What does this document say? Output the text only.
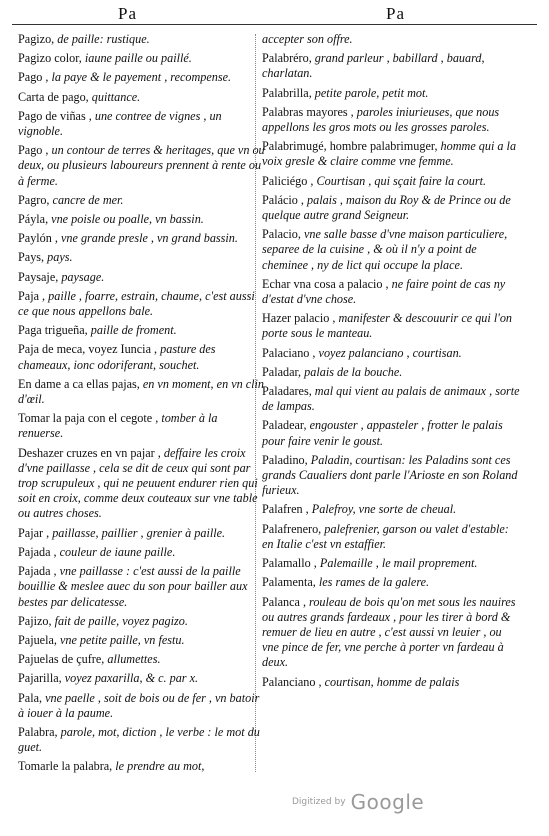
Pa	Pa
Pagizo, de paille: rustique.
Pagizo color, iaune paille ou paillé.
Pago , la paye & le payement , recompense.
Carta de pago, quittance.
Pago de viñas , une contree de vignes , un vignoble.
Pago , un contour de terres & heritages, que vn ou deux, ou plusieurs laboureurs prennent à rente ou à ferme.
Pagro, cancre de mer.
Páyla, vne poisle ou poalle, vn bassin.
Paylón , vne grande presle , vn grand bassin.
Pays, pays.
Paysaje, paysage.
Paja , paille , foarre, estrain, chaume, c'est aussi ce que nous appellons bale.
Paga trigueña, paille de froment.
Paja de meca, voyez Iuncia , pasture des chameaux, ionc odoriferant, souchet.
En dame a ca ellas pajas, en vn moment, en vn clin d'œil.
Tomar la paja con el cegote , tomber à la renuerse.
Deshazer cruzes en vn pajar , deffaire les croix d'vne paillasse , cela se dit de ceux qui sont par trop scrupuleux , qui ne peuuent endurer rien qui soit en croix, comme deux couteaux sur vne table ou autres choses.
Pajar , paillasse, paillier , grenier à paille.
Pajada , couleur de iaune paille.
Pajada , vne paillasse : c'est aussi de la paille bouillie & meslee auec du son pour bailler aux bestes par delicatesse.
Pajizo, fait de paille, voyez pagizo.
Pajuela, vne petite paille, vn festu.
Pajuelas de çufre, allumettes.
Pajarilla, voyez paxarilla, & c. par x.
Pala, vne paelle , soit de bois ou de fer , vn batoir à iouer à la paume.
Palabra, parole, mot, diction , le verbe : le mot du guet.
Tomarle la palabra, le prendre au mot,
accepter son offre.
Palabréro, grand parleur , babillard , bauard, charlatan.
Palabrilla, petite parole, petit mot.
Palabras mayores , paroles iniurieuses, que nous appellons les gros mots ou les grosses paroles.
Palabrimugé, hombre palabrimuger, homme qui a la voix gresle & claire comme vne femme.
Paliciégo , Courtisan , qui sçait faire la court.
Palácio , palais , maison du Roy & de Prince ou de quelque autre grand Seigneur.
Palacio, vne salle basse d'vne maison particuliere, separee de la cuisine , & où il n'y a point de cheminee , ny de lict qui occupe la place.
Echar vna cosa a palacio , ne faire point de cas ny d'estat d'vne chose.
Hazer palacio , manifester & descouurir ce qui l'on porte sous le manteau.
Palaciano , voyez palanciano , courtisan.
Paladar, palais de la bouche.
Paladares, mal qui vient au palais de animaux , sorte de lampas.
Paladear, engouster , appasteler , frotter le palais pour faire venir le goust.
Paladino, Paladin, courtisan: les Paladins sont ces grands Caualiers dont parle l'Arioste en son Roland furieux.
Palafren , Palefroy, vne sorte de cheual.
Palafrenero, palefrenier, garson ou valet d'estable: en Italie c'est vn estaffier.
Palamallo , Palemaille , le mail proprement.
Palamenta, les rames de la galere.
Palanca , rouleau de bois qu'on met sous les nauires ou autres grands fardeaux , pour les tirer à bord & remuer de lieu en autre , c'est aussi vn leuier , ou vne pince de fer, vne perche à porter vn fardeau à deux.
Palanciano , courtisan, homme de palais
Digitized by Google
